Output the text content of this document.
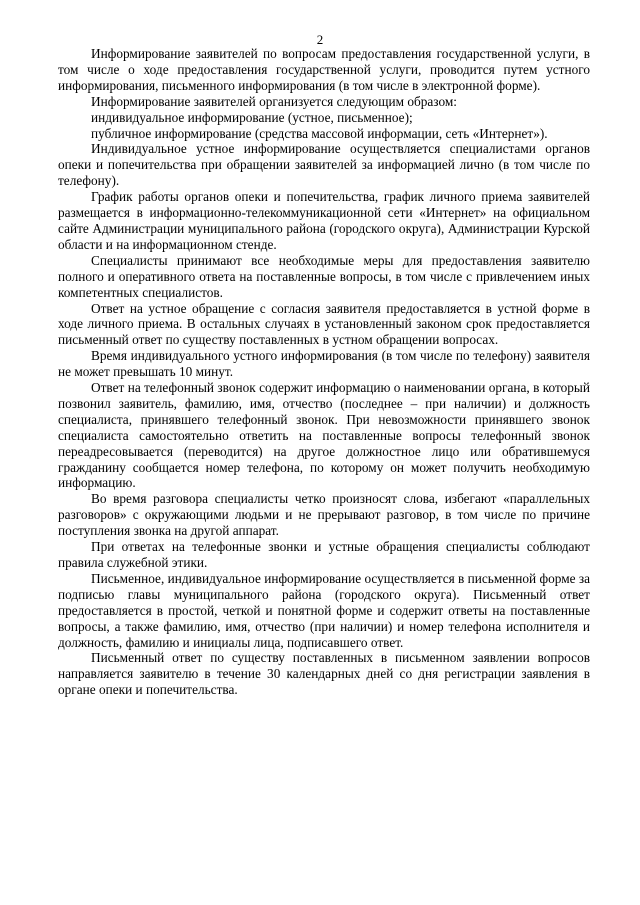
2

Информирование заявителей по вопросам предоставления государственной услуги, в том числе о ходе предоставления государственной услуги, проводится путем устного информирования, письменного информирования (в том числе в электронной форме).

Информирование заявителей организуется следующим образом:

индивидуальное информирование (устное, письменное);

публичное информирование (средства массовой информации, сеть «Интернет»).

Индивидуальное устное информирование осуществляется специалистами органов опеки и попечительства при обращении заявителей за информацией лично (в том числе по телефону).

График работы органов опеки и попечительства, график личного приема заявителей размещается в информационно-телекоммуникационной сети «Интернет» на официальном сайте Администрации муниципального района (городского округа), Администрации Курской области и на информационном стенде.

Специалисты принимают все необходимые меры для предоставления заявителю полного и оперативного ответа на поставленные вопросы, в том числе с привлечением иных компетентных специалистов.

Ответ на устное обращение с согласия заявителя предоставляется в устной форме в ходе личного приема. В остальных случаях в установленный законом срок предоставляется письменный ответ по существу поставленных в устном обращении вопросах.

Время индивидуального устного информирования (в том числе по телефону) заявителя не может превышать 10 минут.

Ответ на телефонный звонок содержит информацию о наименовании органа, в который позвонил заявитель, фамилию, имя, отчество (последнее – при наличии) и должность специалиста, принявшего телефонный звонок. При невозможности принявшего звонок специалиста самостоятельно ответить на поставленные вопросы телефонный звонок переадресовывается (переводится) на другое должностное лицо или обратившемуся гражданину сообщается номер телефона, по которому он может получить необходимую информацию.

Во время разговора специалисты четко произносят слова, избегают «параллельных разговоров» с окружающими людьми и не прерывают разговор, в том числе по причине поступления звонка на другой аппарат.

При ответах на телефонные звонки и устные обращения специалисты соблюдают правила служебной этики.

Письменное, индивидуальное информирование осуществляется в письменной форме за подписью главы муниципального района (городского округа). Письменный ответ предоставляется в простой, четкой и понятной форме и содержит ответы на поставленные вопросы, а также фамилию, имя, отчество (при наличии) и номер телефона исполнителя и должность, фамилию и инициалы лица, подписавшего ответ.

Письменный ответ по существу поставленных в письменном заявлении вопросов направляется заявителю в течение 30 календарных дней со дня регистрации заявления в органе опеки и попечительства.
